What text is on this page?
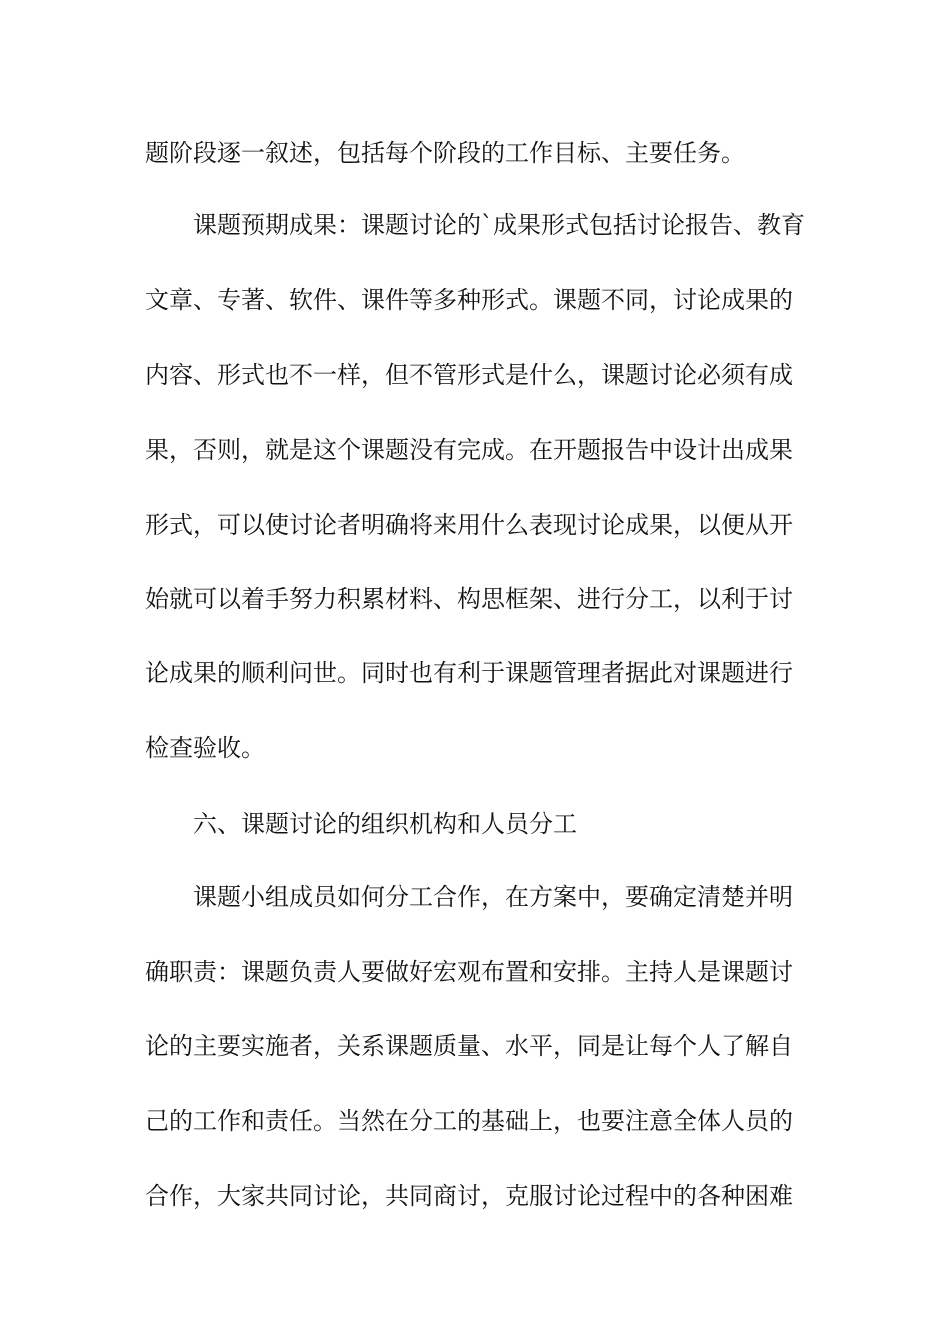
题阶段逐一叙述，包括每个阶段的工作目标、主要任务。
课题预期成果：课题讨论的`成果形式包括讨论报告、教育
文章、专著、软件、课件等多种形式。课题不同，讨论成果的
内容、形式也不一样，但不管形式是什么，课题讨论必须有成
果，否则，就是这个课题没有完成。在开题报告中设计出成果
形式，可以使讨论者明确将来用什么表现讨论成果，以便从开
始就可以着手努力积累材料、构思框架、进行分工，以利于讨
论成果的顺利问世。同时也有利于课题管理者据此对课题进行
检查验收。
六、课题讨论的组织机构和人员分工
课题小组成员如何分工合作，在方案中，要确定清楚并明
确职责：课题负责人要做好宏观布置和安排。主持人是课题讨
论的主要实施者，关系课题质量、水平，同是让每个人了解自
己的工作和责任。当然在分工的基础上，也要注意全体人员的
合作，大家共同讨论，共同商讨，克服讨论过程中的各种困难
